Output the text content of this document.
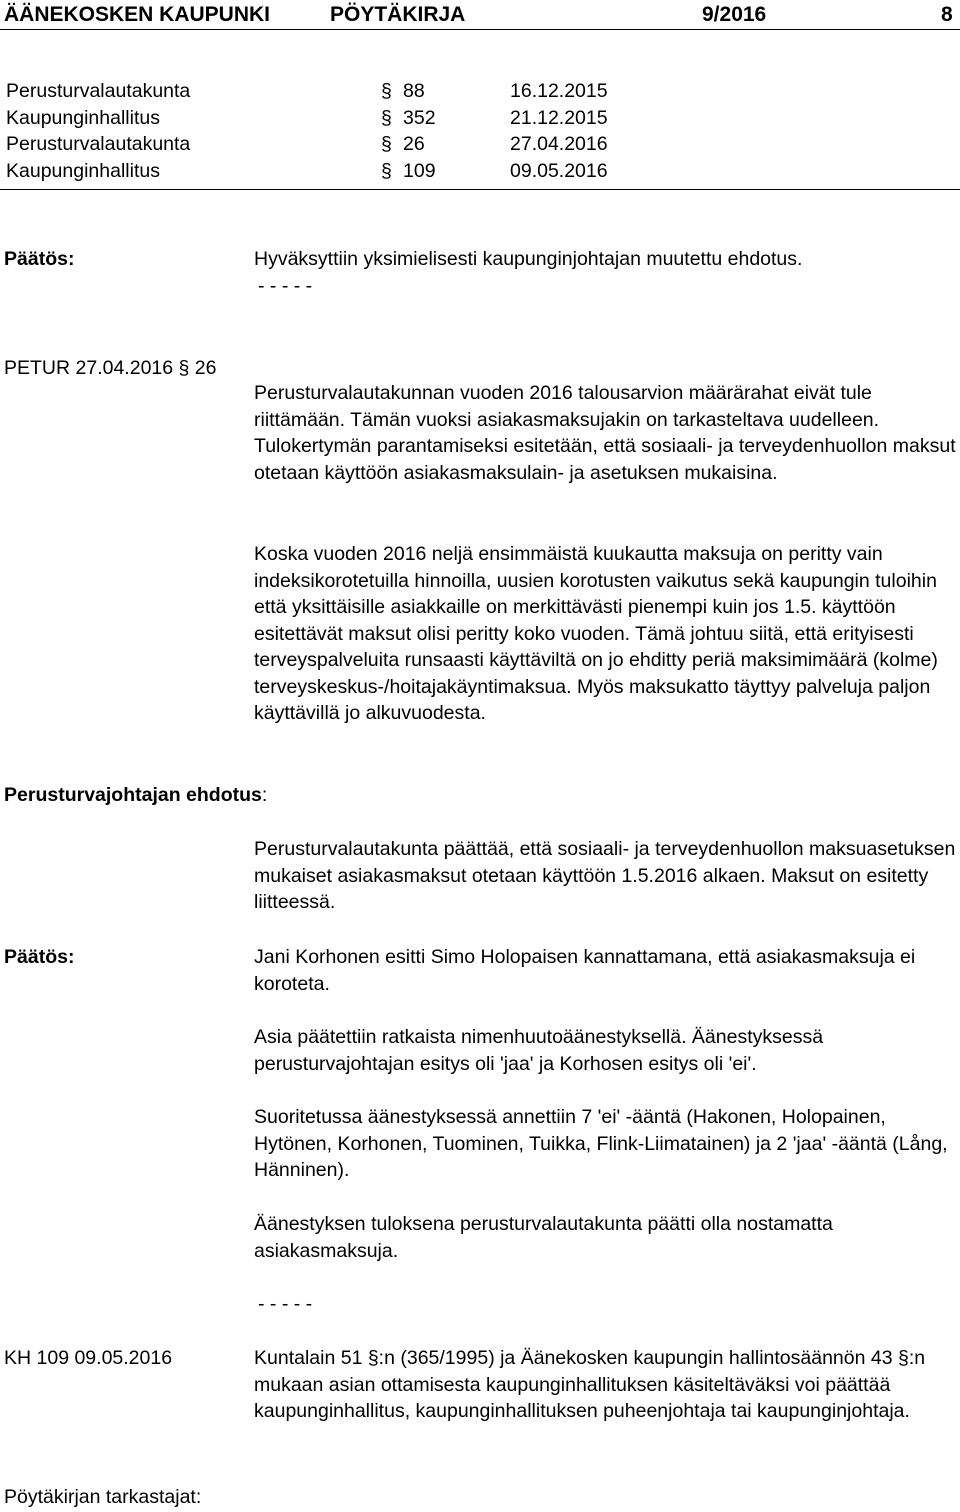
ÄÄNEKOSKEN KAUPUNKI	PÖYTÄKIRJA	9/2016	8
Perusturvalautakunta	§ 88	16.12.2015
Kaupunginhallitus	§ 352	21.12.2015
Perusturvalautakunta	§ 26	27.04.2016
Kaupunginhallitus	§ 109	09.05.2016
Päätös:	Hyväksyttiin yksimielisesti kaupunginjohtajan muutettu ehdotus.
- - - - -
PETUR 27.04.2016 § 26
Perusturvalautakunnan vuoden 2016 talousarvion määrärahat eivät tule riittämään. Tämän vuoksi asiakasmaksujakin on tarkasteltava uudelleen. Tulokertymän parantamiseksi esitetään, että sosiaali- ja terveydenhuollon maksut otetaan käyttöön asiakasmaksulain- ja asetuksen mukaisina.
Koska vuoden 2016 neljä ensimmäistä kuukautta maksuja on peritty vain indeksikorotetuilla hinnoilla, uusien korotusten vaikutus sekä kaupungin tuloihin että yksittäisille asiakkaille on merkittävästi pienempi kuin jos 1.5. käyttöön esitettävät maksut olisi peritty koko vuoden. Tämä johtuu siitä, että erityisesti terveyspalveluita runsaasti käyttäviltä on jo ehditty periä maksimimäärä (kolme) terveyskeskus-/hoitajakäyntimaksua. Myös maksukatto täyttyy palveluja paljon käyttävillä jo alkuvuodesta.
Perusturvajohtajan ehdotus:
Perusturvalautakunta päättää, että sosiaali- ja terveydenhuollon maksuasetuksen mukaiset asiakasmaksut otetaan käyttöön 1.5.2016 alkaen. Maksut on esitetty liitteessä.
Päätös:	Jani Korhonen esitti Simo Holopaisen kannattamana, että asiakasmaksuja ei koroteta.
Asia päätettiin ratkaista nimenhuutoäänestyksellä. Äänestyksessä perusturvajohtajan esitys oli 'jaa' ja Korhosen esitys oli 'ei'.
Suoritetussa äänestyksessä annettiin 7 'ei' -ääntä (Hakonen, Holopainen, Hytönen, Korhonen, Tuominen, Tuikka, Flink-Liimatainen) ja 2 'jaa' -ääntä (Lång, Hänninen).
Äänestyksen tuloksena perusturvalautakunta päätti olla nostamatta asiakasmaksuja.
- - - - -
KH 109 09.05.2016	Kuntalain 51 §:n (365/1995) ja Äänekosken kaupungin hallintosäännön 43 §:n mukaan asian ottamisesta kaupunginhallituksen käsiteltäväksi voi päättää kaupunginhallitus, kaupunginhallituksen puheenjohtaja tai kaupunginjohtaja.
Pöytäkirjan tarkastajat:
